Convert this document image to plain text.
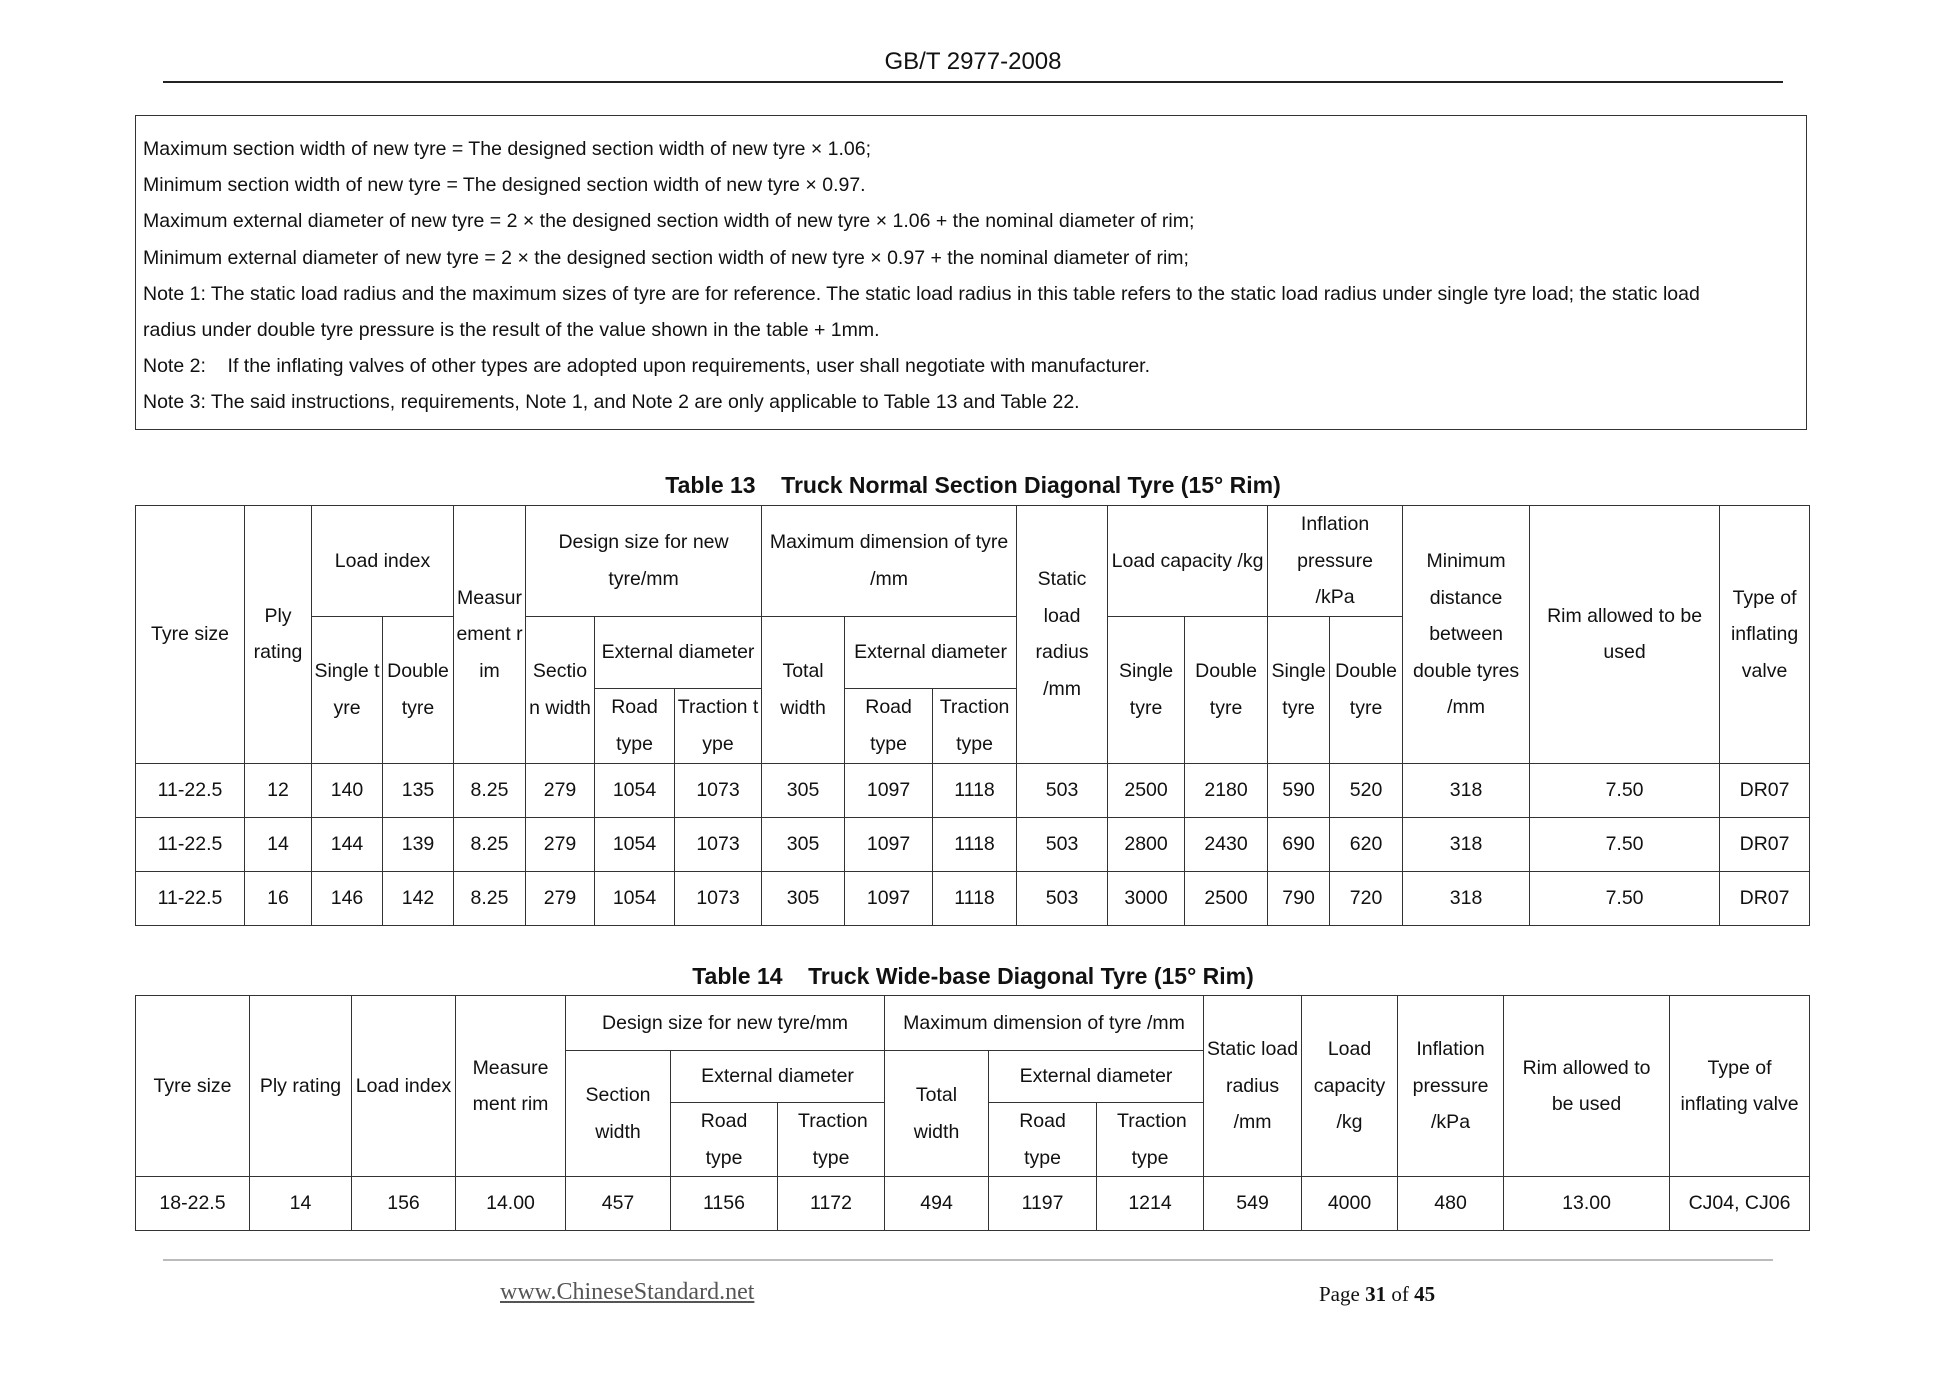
GB/T 2977-2008
Maximum section width of new tyre = The designed section width of new tyre × 1.06;
Minimum section width of new tyre = The designed section width of new tyre × 0.97.
Maximum external diameter of new tyre = 2 × the designed section width of new tyre × 1.06 + the nominal diameter of rim;
Minimum external diameter of new tyre = 2 × the designed section width of new tyre × 0.97 + the nominal diameter of rim;
Note 1: The static load radius and the maximum sizes of tyre are for reference. The static load radius in this table refers to the static load radius under single tyre load; the static load
radius under double tyre pressure is the result of the value shown in the table + 1mm.
Note 2:    If the inflating valves of other types are adopted upon requirements, user shall negotiate with manufacturer.
Note 3: The said instructions, requirements, Note 1, and Note 2 are only applicable to Table 13 and Table 22.
Table 13    Truck Normal Section Diagonal Tyre (15° Rim)
Tyre size	Ply rating	Load index		Measurement rim	Design size for new tyre/mm			Maximum dimension of tyre /mm			Static load radius /mm	Load capacity /kg		Inflation pressure /kPa		Minimum distance between double tyres /mm	Rim allowed to be used	Type of inflating valve
		Single tyre	Double tyre		Section width	External diameter		Total width	External diameter			Single tyre	Double tyre	Single tyre	Double tyre			
						Road type	Traction type		Road type	Traction type								
11-22.5	12	140	135	8.25	279	1054	1073	305	1097	1118	503	2500	2180	590	520	318	7.50	DR07
11-22.5	14	144	139	8.25	279	1054	1073	305	1097	1118	503	2800	2430	690	620	318	7.50	DR07
11-22.5	16	146	142	8.25	279	1054	1073	305	1097	1118	503	3000	2500	790	720	318	7.50	DR07
Table 14    Truck Wide-base Diagonal Tyre (15° Rim)
Tyre size	Ply rating	Load index	Measure ment rim	Design size for new tyre/mm			Maximum dimension of tyre /mm			Static load radius /mm	Load capacity /kg	Inflation pressure /kPa	Rim allowed to be used	Type of inflating valve
				Section width	External diameter		Total width	External diameter						
					Road type	Traction type		Road type	Traction type					
18-22.5	14	156	14.00	457	1156	1172	494	1197	1214	549	4000	480	13.00	CJ04, CJ06
www.ChineseStandard.net	Page 31 of 45
